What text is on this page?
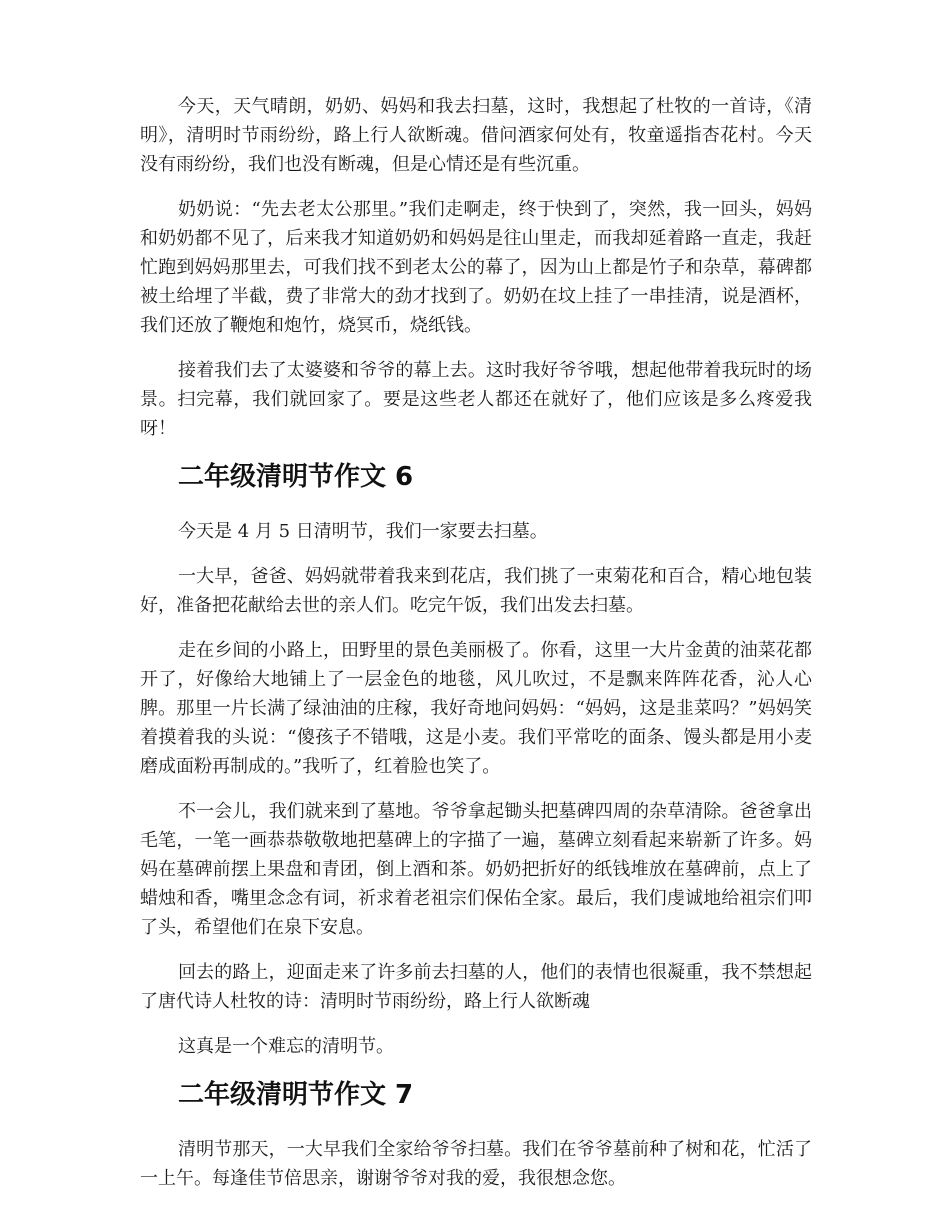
今天，天气晴朗，奶奶、妈妈和我去扫墓，这时，我想起了杜牧的一首诗，《清明》，清明时节雨纷纷，路上行人欲断魂。借问酒家何处有，牧童遥指杏花村。今天没有雨纷纷，我们也没有断魂，但是心情还是有些沉重。

奶奶说：“先去老太公那里。”我们走啊走，终于快到了，突然，我一回头，妈妈和奶奶都不见了，后来我才知道奶奶和妈妈是往山里走，而我却延着路一直走，我赶忙跑到妈妈那里去，可我们找不到老太公的幕了，因为山上都是竹子和杂草，幕碑都被土给埋了半截，费了非常大的劲才找到了。奶奶在坟上挂了一串挂清，说是酒杯，我们还放了鞭炮和炮竹，烧冥币，烧纸钱。

接着我们去了太婆婆和爷爷的幕上去。这时我好爷爷哦，想起他带着我玩时的场景。扫完幕，我们就回家了。要是这些老人都还在就好了，他们应该是多么疼爱我呀！

二年级清明节作文 6

今天是 4 月 5 日清明节，我们一家要去扫墓。

一大早，爸爸、妈妈就带着我来到花店，我们挑了一束菊花和百合，精心地包装好，准备把花献给去世的亲人们。吃完午饭，我们出发去扫墓。

走在乡间的小路上，田野里的景色美丽极了。你看，这里一大片金黄的油菜花都开了，好像给大地铺上了一层金色的地毯，风儿吹过，不是飘来阵阵花香，沁人心脾。那里一片长满了绿油油的庄稼，我好奇地问妈妈：“妈妈，这是韭菜吗？”妈妈笑着摸着我的头说：“傻孩子不错哦，这是小麦。我们平常吃的面条、馒头都是用小麦磨成面粉再制成的。”我听了，红着脸也笑了。

不一会儿，我们就来到了墓地。爷爷拿起锄头把墓碑四周的杂草清除。爸爸拿出毛笔，一笔一画恭恭敬敬地把墓碑上的字描了一遍，墓碑立刻看起来崭新了许多。妈妈在墓碑前摆上果盘和青团，倒上酒和茶。奶奶把折好的纸钱堆放在墓碑前，点上了蜡烛和香，嘴里念念有词，祈求着老祖宗们保佑全家。最后，我们虔诚地给祖宗们叩了头，希望他们在泉下安息。

回去的路上，迎面走来了许多前去扫墓的人，他们的表情也很凝重，我不禁想起了唐代诗人杜牧的诗：清明时节雨纷纷，路上行人欲断魂

这真是一个难忘的清明节。

二年级清明节作文 7

清明节那天，一大早我们全家给爷爷扫墓。我们在爷爷墓前种了树和花，忙活了一上午。每逢佳节倍思亲，谢谢爷爷对我的爱，我很想念您。
